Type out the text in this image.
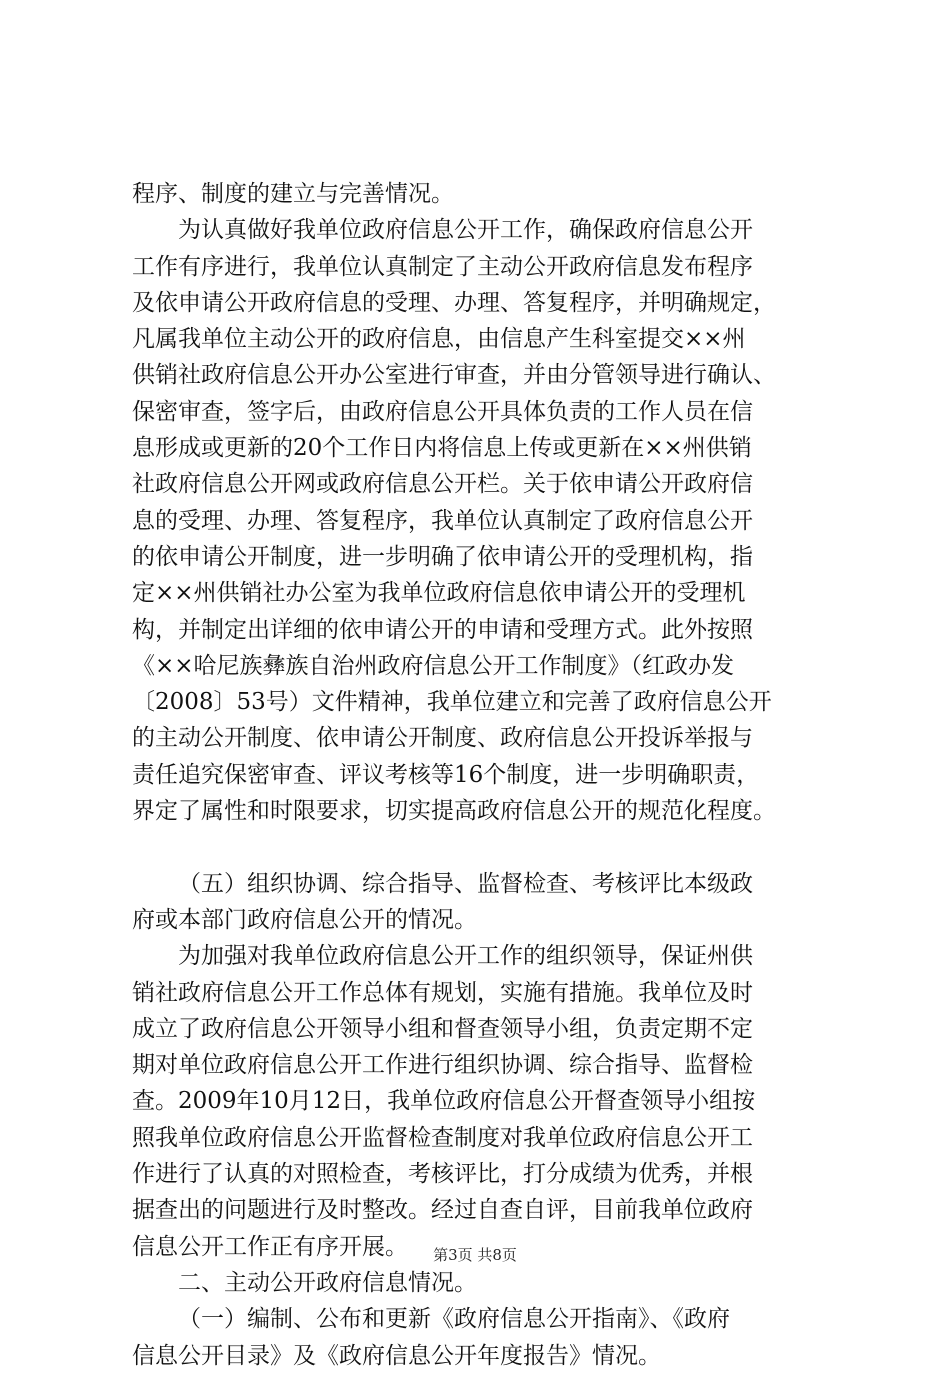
程序、制度的建立与完善情况。
为认真做好我单位政府信息公开工作，确保政府信息公开
工作有序进行，我单位认真制定了主动公开政府信息发布程序
及依申请公开政府信息的受理、办理、答复程序，并明确规定，
凡属我单位主动公开的政府信息，由信息产生科室提交××州
供销社政府信息公开办公室进行审查，并由分管领导进行确认、
保密审查，签字后，由政府信息公开具体负责的工作人员在信
息形成或更新的20个工作日内将信息上传或更新在××州供销
社政府信息公开网或政府信息公开栏。关于依申请公开政府信
息的受理、办理、答复程序，我单位认真制定了政府信息公开
的依申请公开制度，进一步明确了依申请公开的受理机构，指
定××州供销社办公室为我单位政府信息依申请公开的受理机
构，并制定出详细的依申请公开的申请和受理方式。此外按照
《××哈尼族彝族自治州政府信息公开工作制度》（红政办发
〔2008〕53号）文件精神，我单位建立和完善了政府信息公开
的主动公开制度、依申请公开制度、政府信息公开投诉举报与
责任追究保密审查、评议考核等16个制度，进一步明确职责，
界定了属性和时限要求，切实提高政府信息公开的规范化程度。
（五）组织协调、综合指导、监督检查、考核评比本级政
府或本部门政府信息公开的情况。
为加强对我单位政府信息公开工作的组织领导，保证州供
销社政府信息公开工作总体有规划，实施有措施。我单位及时
成立了政府信息公开领导小组和督查领导小组，负责定期不定
期对单位政府信息公开工作进行组织协调、综合指导、监督检
查。2009年10月12日，我单位政府信息公开督查领导小组按
照我单位政府信息公开监督检查制度对我单位政府信息公开工
作进行了认真的对照检查，考核评比，打分成绩为优秀，并根
据查出的问题进行及时整改。经过自查自评，目前我单位政府
信息公开工作正有序开展。
二、主动公开政府信息情况。
（一）编制、公布和更新《政府信息公开指南》、《政府
信息公开目录》及《政府信息公开年度报告》情况。
第3页 共8页
